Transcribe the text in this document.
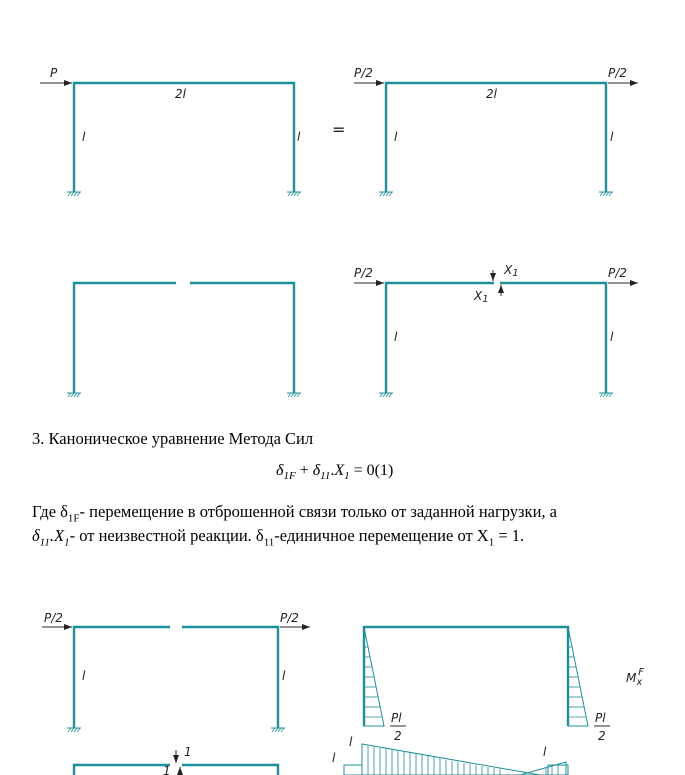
P
2l
l	l =
P/2	P/2
2l
l	l
P/2	P/2
X1
X1
l	l
P/2	P/2
l	l	$M_xF$
Pl
2
Pl
2
1
1
l
l	l
3. Каноническое уравнение Метода Сил
$\delta_{1F} + \delta_{11}.X_1 = 0(1)$
Где $\delta_{1F}-$ перемещение в отброшенной связи только от заданной нагрузки, а
$\delta_{11}.X_1-$ от неизвестной реакции. $\delta_{11}$-единичное перемещение от $X_1 = 1$.
